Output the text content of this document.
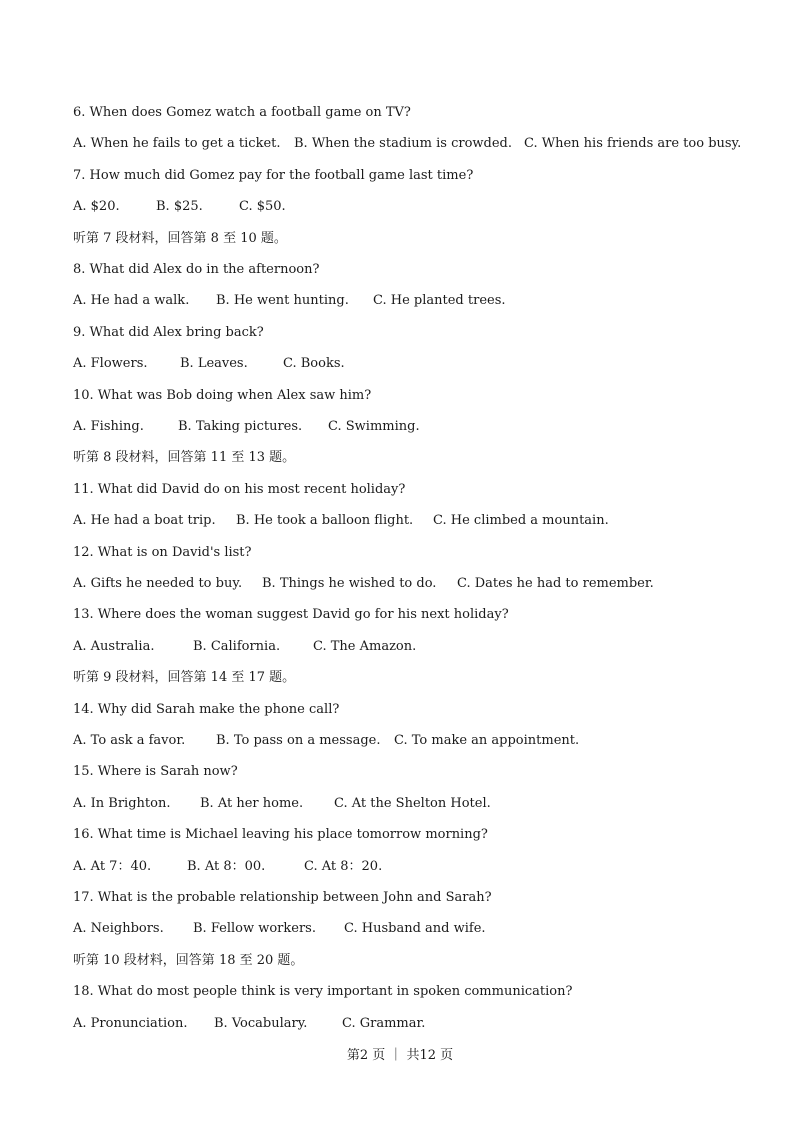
6. When does Gomez watch a football game on TV?
A. When he fails to get a ticket. B. When the stadium is crowded. C. When his friends are too busy.
7. How much did Gomez pay for the football game last time?
A. $20.	B. $25.	C. $50.
听第 7 段材料，回答第 8 至 10 题。
8. What did Alex do in the afternoon?
A. He had a walk. B. He went hunting. C. He planted trees.
9. What did Alex bring back?
A. Flowers.	B. Leaves.	C. Books.
10. What was Bob doing when Alex saw him?
A. Fishing.	B. Taking pictures. C. Swimming.
听第 8 段材料，回答第 11 至 13 题。
11. What did David do on his most recent holiday?
A. He had a boat trip. B. He took a balloon flight. C. He climbed a mountain.
12. What is on David's list?
A. Gifts he needed to buy. B. Things he wished to do. C. Dates he had to remember.
13. Where does the woman suggest David go for his next holiday?
A. Australia.	B. California.	C. The Amazon.
听第 9 段材料，回答第 14 至 17 题。
14. Why did Sarah make the phone call?
A. To ask a favor. B. To pass on a message. C. To make an appointment.
15. Where is Sarah now?
A. In Brighton. B. At her home. C. At the Shelton Hotel.
16. What time is Michael leaving his place tomorrow morning?
A. At 7：40.	B. At 8：00.	C. At 8：20.
17. What is the probable relationship between John and Sarah?
A. Neighbors. B. Fellow workers. C. Husband and wife.
听第 10 段材料，回答第 18 至 20 题。
18. What do most people think is very important in spoken communication?
A. Pronunciation. B. Vocabulary.	C. Grammar.
第2 页 ｜ 共12 页
